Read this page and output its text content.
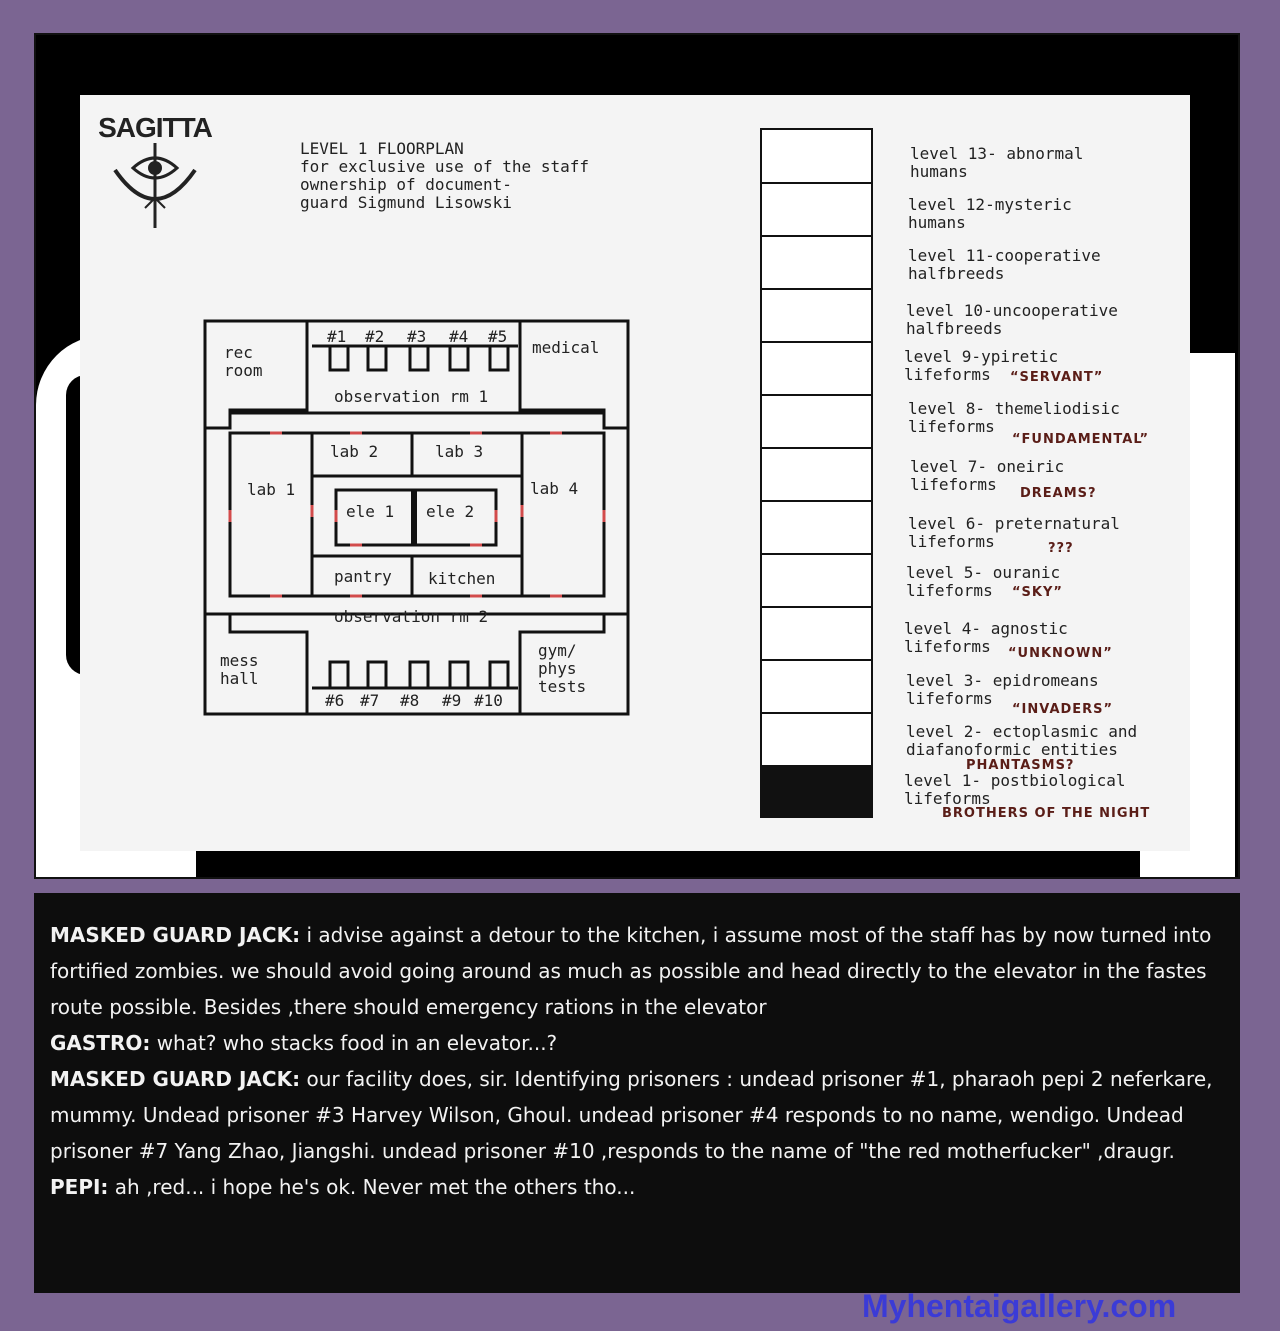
SAGITTA
LEVEL 1 FLOORPLAN
for exclusive use of the staff
ownership of document-
guard Sigmund Lisowski
rec
room
medical
observation rm 1
lab 1
lab 2	lab 3
lab 4
ele 1 ele 2
pantry kitchen
observation rm 2
mess
hall
gym/
phys
tests
#1 #2 #3 #4 #5
#6 #7 #8 #9 #10
level 13- abnormal
humans
level 12-mysteric
humans
level 11-cooperative
halfbreeds
level 10-uncooperative
halfbreeds
level 9-ypiretic
lifeforms
level 8- themeliodisic
lifeforms
level 7- oneiric
lifeforms
level 6- preternatural
lifeforms
level 5- ouranic
lifeforms
level 4- agnostic
lifeforms
level 3- epidromeans
lifeforms
level 2- ectoplasmic and
diafanoformic entities
level 1- postbiological
lifeforms
“SERVANT”
“FUNDAMENTAL”
DREAMS?
???
“SKY”
“UNKNOWN”
“INVADERS”
PHANTASMS?
BROTHERS OF THE NIGHT

MASKED GUARD JACK: i advise against a detour to the kitchen, i assume most of the staff has by now turned into fortified zombies. we should avoid going around as much as possible and head directly to the elevator in the fastes route possible. Besides ,there should emergency rations in the elevator

GASTRO: what? who stacks food in an elevator...?

MASKED GUARD JACK: our facility does, sir. Identifying prisoners : undead prisoner #1, pharaoh pepi 2 neferkare, mummy. Undead prisoner #3 Harvey Wilson, Ghoul. undead prisoner #4 responds to no name, wendigo. Undead prisoner #7 Yang Zhao, Jiangshi. undead prisoner #10 ,responds to the name of "the red motherfucker" ,draugr.

PEPI: ah ,red... i hope he's ok. Never met the others tho...

Myhentaigallery.com
